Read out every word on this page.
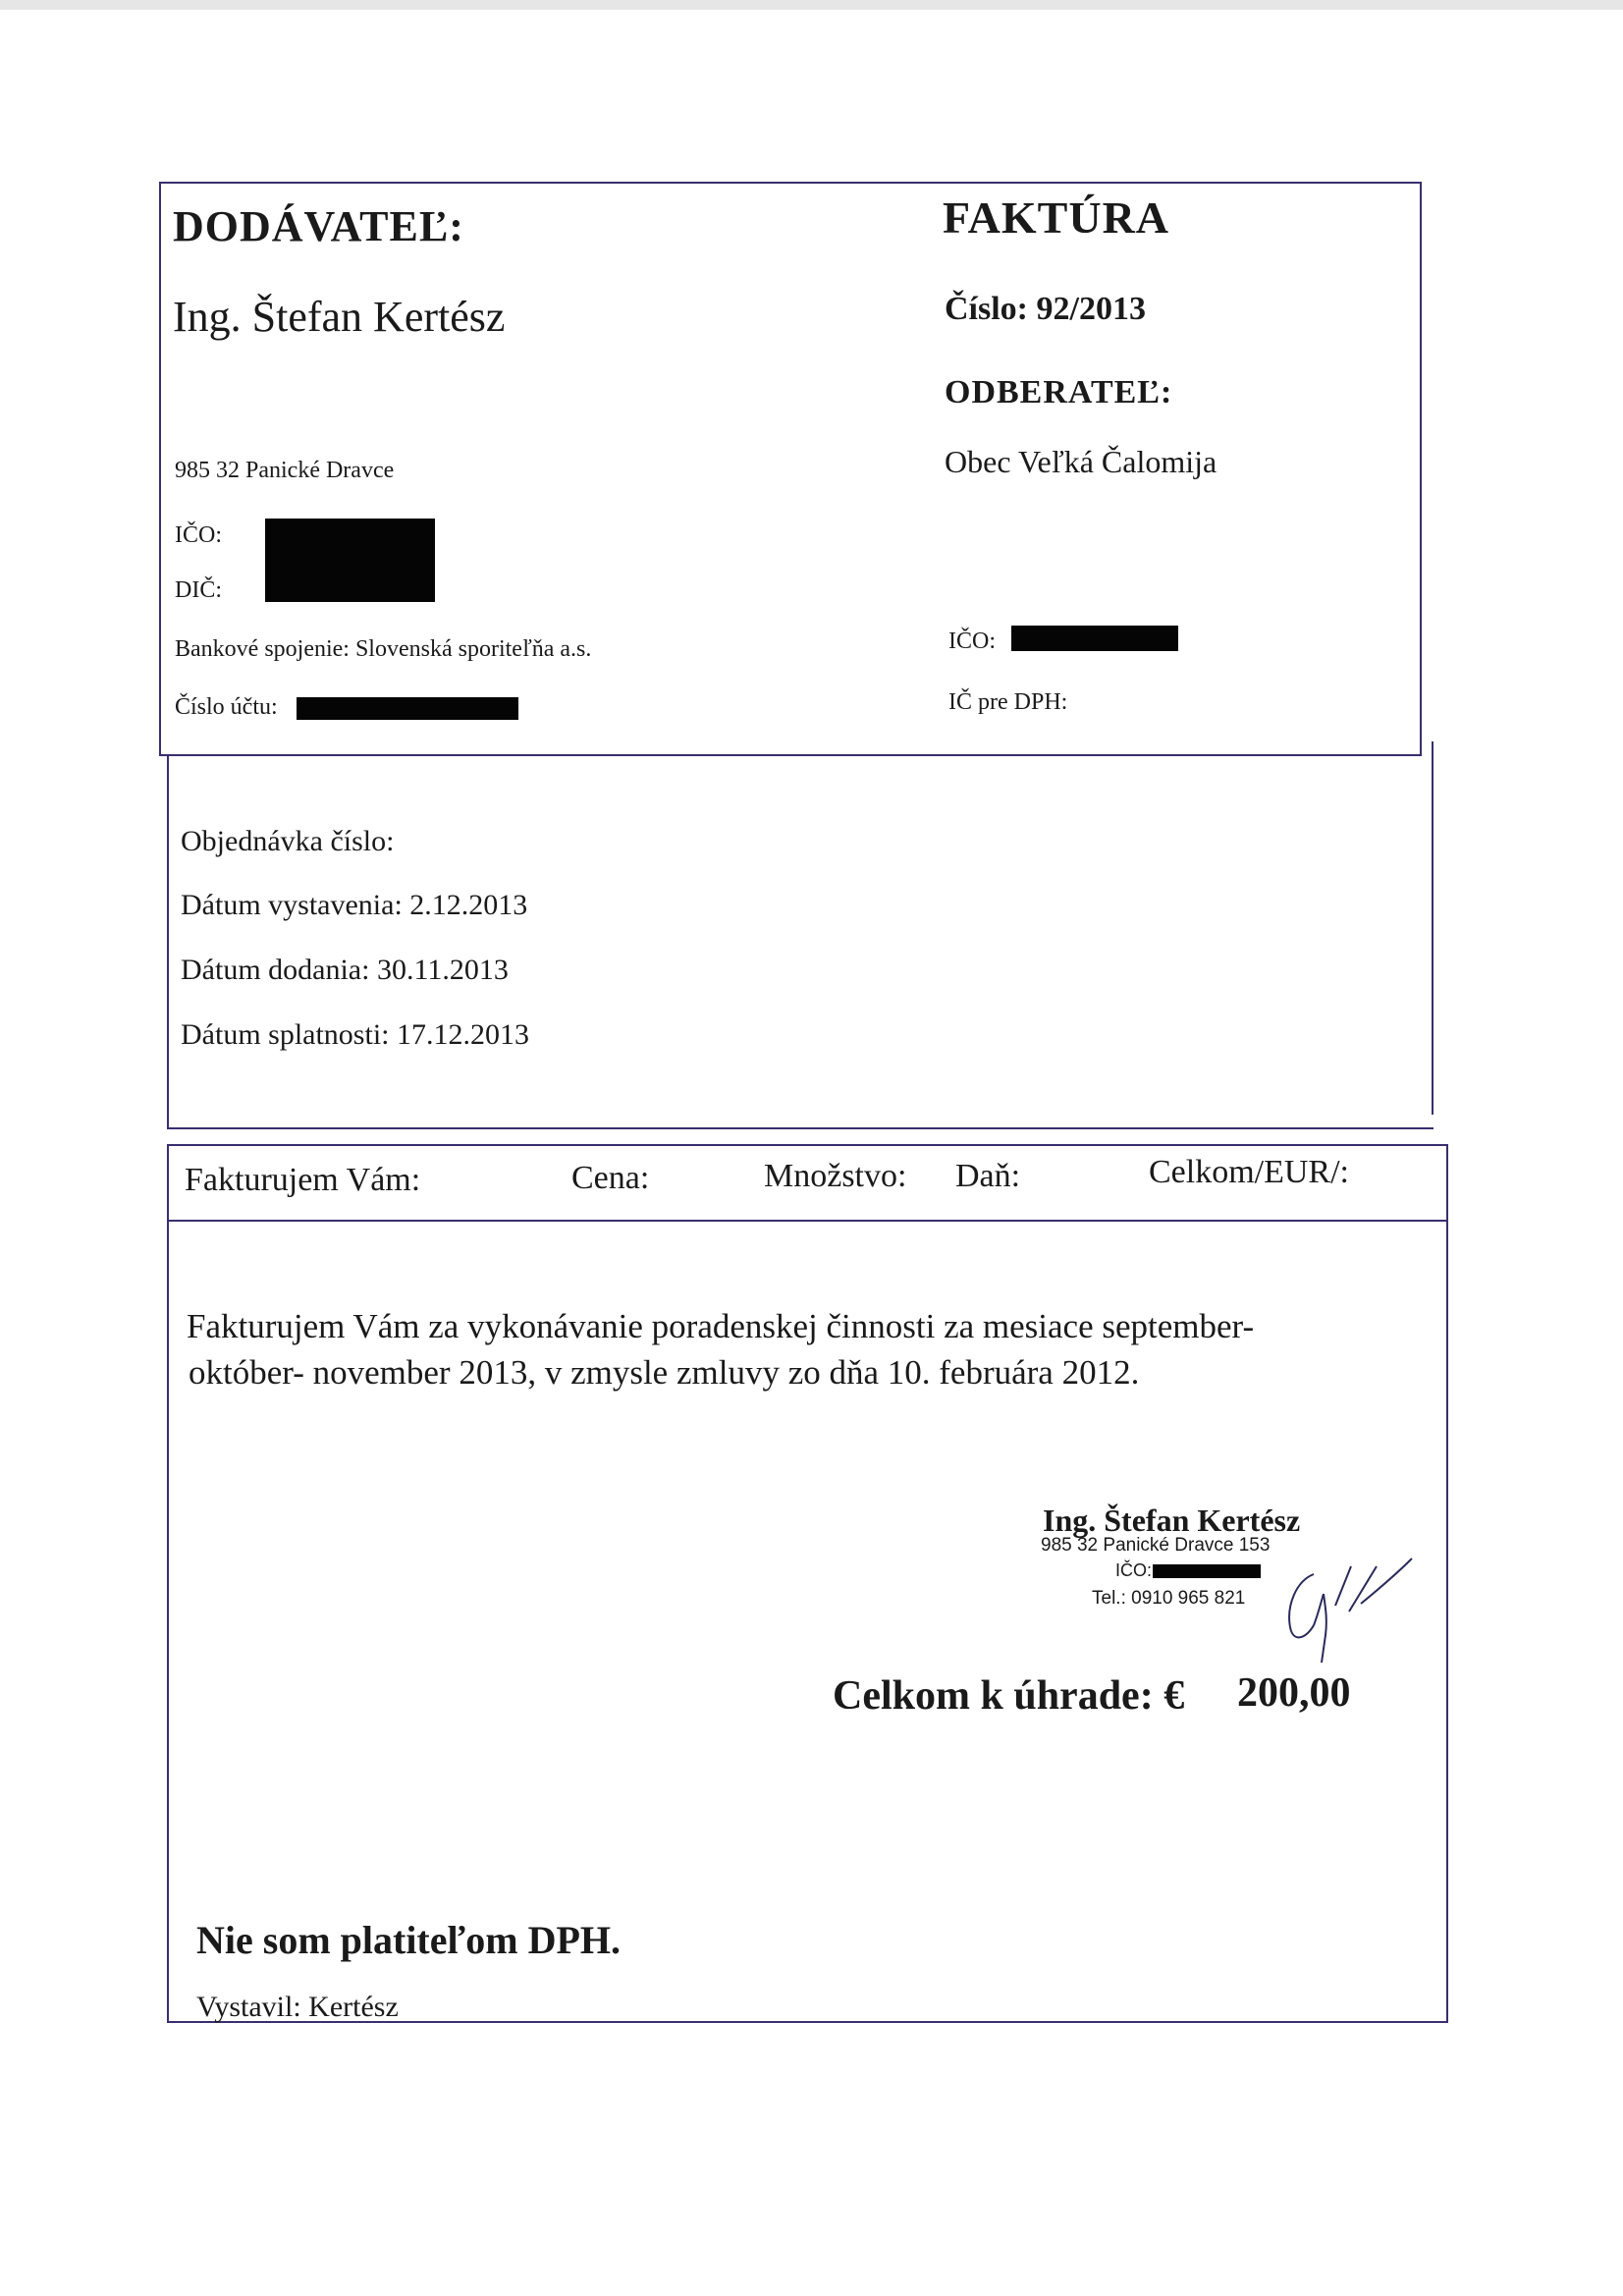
DODÁVATEĽ:
Ing. Štefan Kertész
985 32 Panické Dravce
IČO:
DIČ:
Bankové spojenie: Slovenská sporiteľňa a.s.
Číslo účtu:
FAKTÚRA
Číslo: 92/2013
ODBERATEĽ:
Obec Veľká Čalomija
IČO:
IČ pre DPH:
Objednávka číslo:
Dátum vystavenia: 2.12.2013
Dátum dodania: 30.11.2013
Dátum splatnosti: 17.12.2013
Fakturujem Vám:	Cena:	Množstvo: Daň:	Celkom/EUR/:
Fakturujem Vám za vykonávanie poradenskej činnosti za mesiace september-
október- november 2013, v zmysle zmluvy zo dňa 10. februára 2012.
Ing. Štefan Kertész
985 32 Panické Dravce 153
IČO:
Tel.: 0910 965 821
Celkom k úhrade: € 200,00
Nie som platiteľom DPH.
Vystavil: Kertész
